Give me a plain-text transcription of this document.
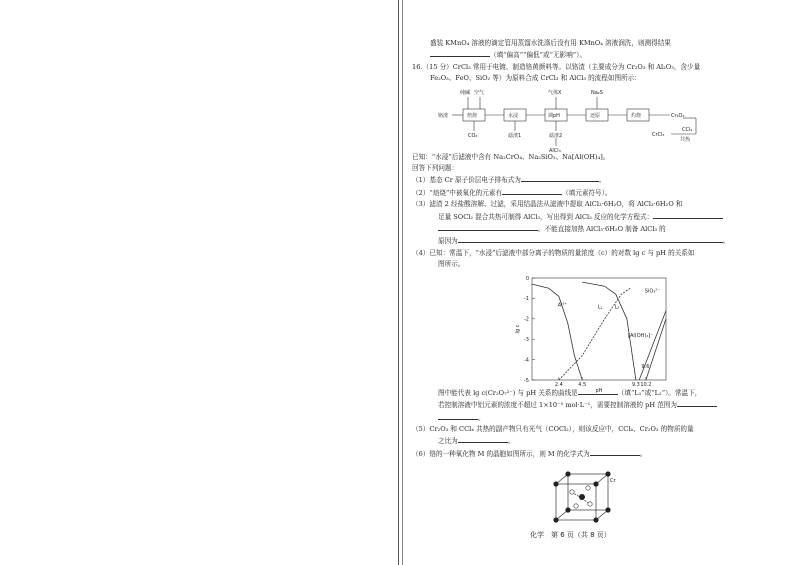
盛装 KMnO₄ 溶液的滴定管用蒸馏水洗涤后没有用 KMnO₄ 溶液润洗，则测得结果
（填“偏高”“偏低”或“无影响”）。
16.（15 分）CrCl₃ 常用于电镀、制造铬黄颜料等。以铬渣（主要成分为 Cr₂O₃ 和 Al₂O₃，含少量
Fe₂O₃、FeO、SiO₂ 等）为原料合成 CrCl₃ 和 AlCl₃ 的流程如图所示：
已知：“水浸”后滤液中含有 Na₂CrO₄、Na₂SiO₃、Na[Al(OH)₄]。
回答下列问题：
（1）基态 Cr 原子价层电子排布式为	。
（2）“焙烧”中被氧化的元素有	（填元素符号）。
（3）滤渣 2 经盐酸溶解、过滤，采用结晶法从滤液中提取 AlCl₃·6H₂O，将 AlCl₃·6H₂O 和
足量 SOCl₂ 混合共热可制得 AlCl₃，写出得到 AlCl₃ 反应的化学方程式：
。不能直接加热 AlCl₃·6H₂O 制备 AlCl₃ 的
原因为	。
（4）已知：常温下，“水浸”后滤液中部分离子的物质的量浓度（c）的对数 lg c 与 pH 的关系如
图所示。
图中能代表 lg c(Cr₂O₇²⁻) 与 pH 关系的曲线是	（填“L₁”或“L₂”）。常温下，
若控制溶液中铝元素的浓度不超过 1×10⁻⁵ mol·L⁻¹，需要控制溶液的 pH 范围为
。
（5）Cr₂O₃ 和 CCl₄ 共热的副产物只有光气（COCl₂），则该反应中，CCl₄、Cr₂O₃ 的物质的量
之比为	。
（6）铬的一种氧化物 M 的晶胞如图所示，则 M 的化学式为	。
铬渣	焙烧	水浸	调pH	还原	灼烧	Cr₂O₃
纯碱 空气	气体X	Na₂S
CO₂	滤渣1	滤渣2
AlCl₃
CrCl₃
CCl₄
共热
0
-1
-2
-3
-4
-5
2.4	4.5	9.3 10.2
pH
lg c
Al³⁺	L₁ L₂
SiO₃²⁻
[Al(OH)₄]⁻
9.6
Cr
化学　第 6 页（共 8 页）
